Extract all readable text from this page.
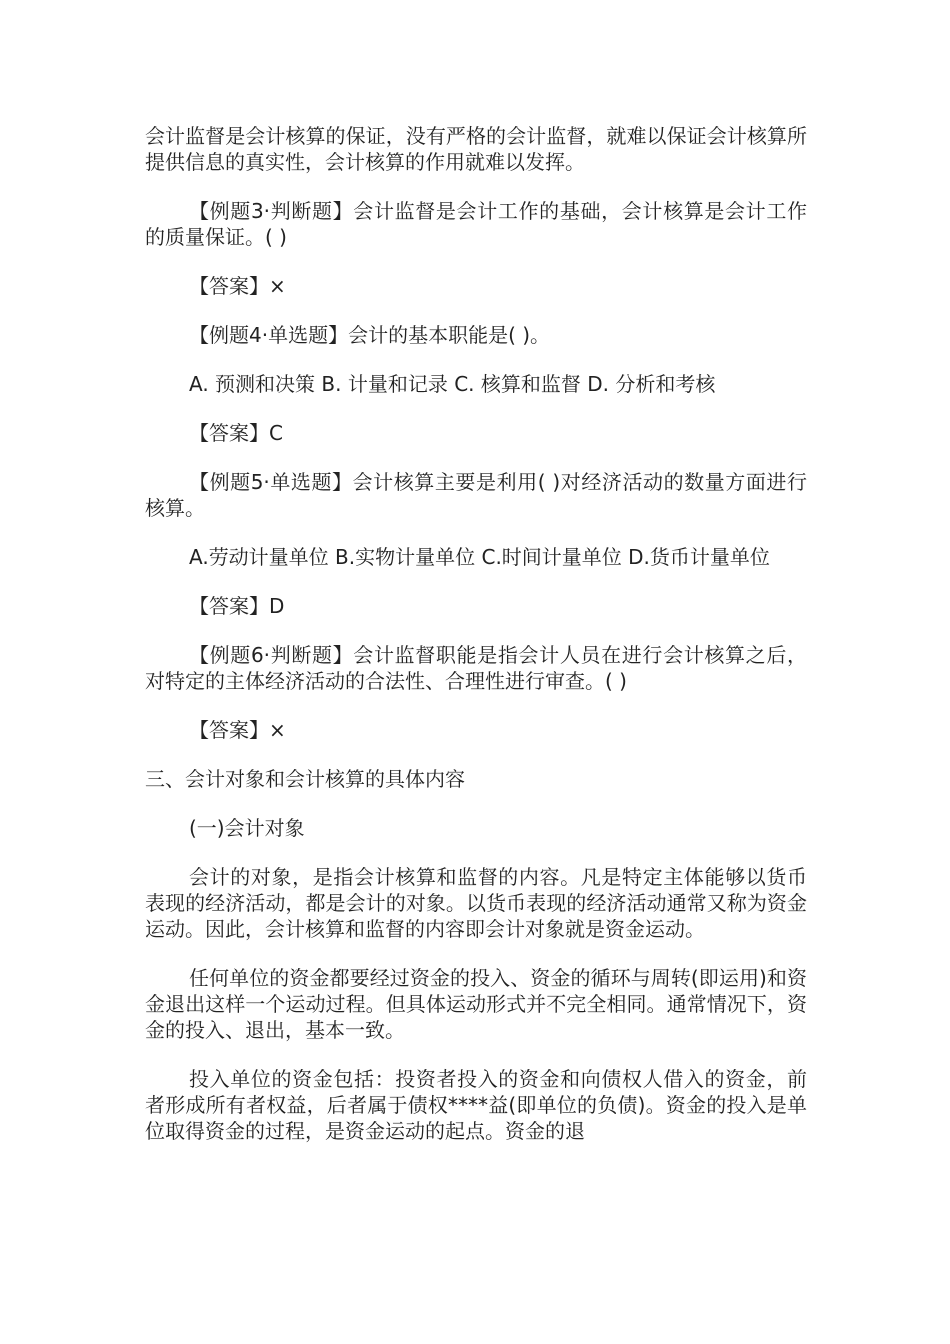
会计监督是会计核算的保证，没有严格的会计监督，就难以保证会计核算所提供信息的真实性，会计核算的作用就难以发挥。

【例题3·判断题】会计监督是会计工作的基础，会计核算是会计工作的质量保证。( )

【答案】×

【例题4·单选题】会计的基本职能是( )。

A. 预测和决策 B. 计量和记录 C. 核算和监督 D. 分析和考核

【答案】C

【例题5·单选题】会计核算主要是利用( )对经济活动的数量方面进行核算。

A.劳动计量单位 B.实物计量单位 C.时间计量单位 D.货币计量单位

【答案】D

【例题6·判断题】会计监督职能是指会计人员在进行会计核算之后，对特定的主体经济活动的合法性、合理性进行审查。( )

【答案】×

三、会计对象和会计核算的具体内容

(一)会计对象

会计的对象，是指会计核算和监督的内容。凡是特定主体能够以货币表现的经济活动，都是会计的对象。以货币表现的经济活动通常又称为资金运动。因此，会计核算和监督的内容即会计对象就是资金运动。

任何单位的资金都要经过资金的投入、资金的循环与周转(即运用)和资金退出这样一个运动过程。但具体运动形式并不完全相同。通常情况下，资金的投入、退出，基本一致。

投入单位的资金包括：投资者投入的资金和向债权人借入的资金，前者形成所有者权益，后者属于债权****益(即单位的负债)。资金的投入是单位取得资金的过程，是资金运动的起点。资金的退
